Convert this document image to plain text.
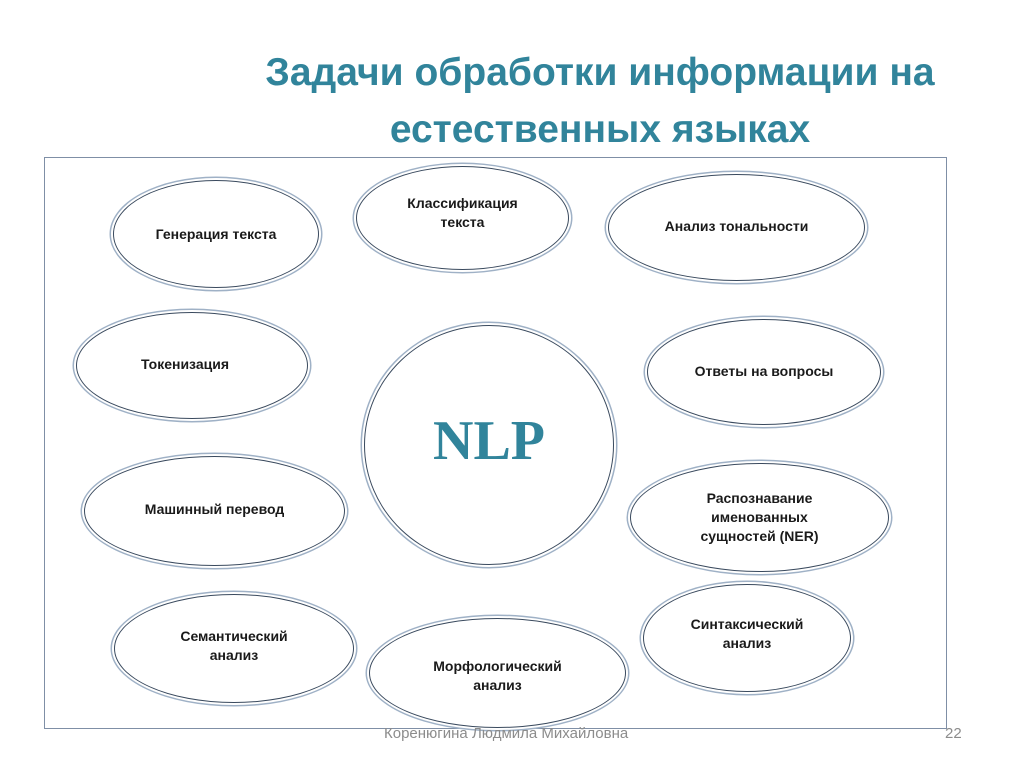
Задачи обработки информации на
естественных языках
NLP
Генерация текста
Классификация
текста	Анализ тональности
Токенизация	Ответы на вопросы
Машинный перевод
Распознавание
именованных
сущностей (NER)
Семантический
анализ
Морфологический
анализ
Синтаксический
анализ
Коренюгина Людмила Михайловна	22
